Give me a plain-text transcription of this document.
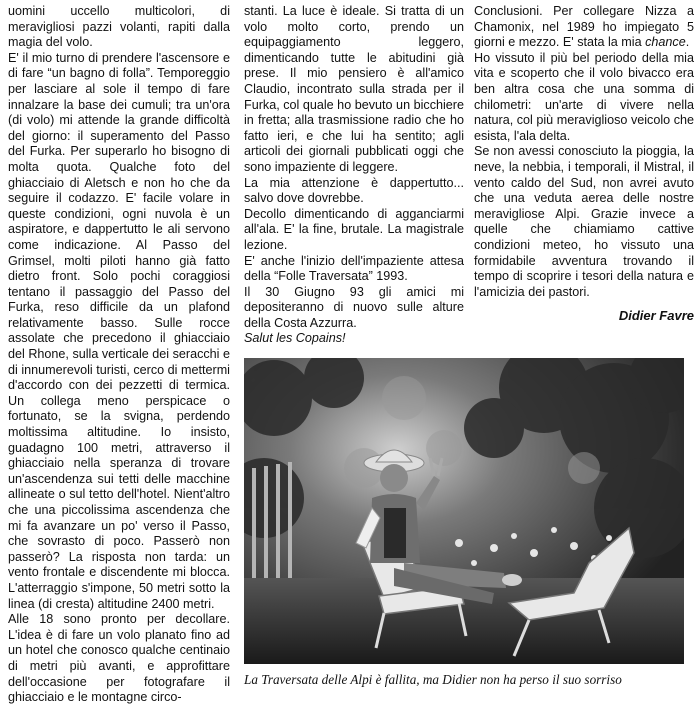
uomini uccello multicolori, di meravigliosi pazzi volanti, rapiti dalla magia del volo.

E' il mio turno di prendere l'ascensore e di fare “un bagno di folla”. Temporeggio per lasciare al sole il tempo di fare innalzare la base dei cumuli; tra un'ora (di volo) mi attende la grande difficoltà del giorno: il superamento del Passo del Furka. Per superarlo ho bisogno di molta quota. Qualche foto del ghiacciaio di Aletsch e non ho che da seguire il codazzo. E' facile volare in queste condizioni, ogni nuvola è un aspiratore, e dappertutto le ali servono come indicazione. Al Passo del Grimsel, molti piloti hanno già fatto dietro front. Solo pochi coraggiosi tentano il passaggio del Passo del Furka, reso difficile da un plafond relativamente basso. Sulle rocce assolate che precedono il ghiacciaio del Rhone, sulla verticale dei seracchi e di innumerevoli turisti, cerco di mettermi d'accordo con dei pezzetti di termica. Un collega meno perspicace o fortunato, se la svigna, perdendo moltissima altitudine. Io insisto, guadagno 100 metri, attraverso il ghiacciaio nella speranza di trovare un'ascendenza sui tetti delle macchine allineate o sul tetto dell'hotel. Nient'altro che una piccolissima ascendenza che mi fa avanzare un po' verso il Passo, che sovrasto di poco. Passerò non passerò? La risposta non tarda: un vento frontale e discendente mi blocca. L'atterraggio s'impone, 50 metri sotto la linea (di cresta) altitudine 2400 metri.

Alle 18 sono pronto per decollare. L'idea è di fare un volo planato fino ad un hotel che conosco qualche centinaio di metri più avanti, e approfittare dell'occasione per fotografare il ghiacciaio e le montagne circo-

stanti. La luce è ideale. Si tratta di un volo molto corto, prendo un equipaggiamento leggero, dimenticando tutte le abitudini già prese. Il mio pensiero è all'amico Claudio, incontrato sulla strada per il Furka, col quale ho bevuto un bicchiere in fretta; alla trasmissione radio che ho fatto ieri, e che lui ha sentito; agli articoli dei giornali pubblicati oggi che sono impaziente di leggere.

La mia attenzione è dappertutto... salvo dove dovrebbe.

Decollo dimenticando di agganciarmi all'ala. E' la fine, brutale. La magistrale lezione.

E' anche l'inizio dell'impaziente attesa della “Folle Traversata” 1993.

Il 30 Giugno 93 gli amici mi depositeranno di nuovo sulle alture della Costa Azzurra.

Salut les Copains!

Conclusioni. Per collegare Nizza a Chamonix, nel 1989 ho impiegato 5 giorni e mezzo. E' stata la mia chance.

Ho vissuto il più bel periodo della mia vita e scoperto che il volo bivacco era ben altra cosa che una somma di chilometri: un'arte di vivere nella natura, col più meraviglioso veicolo che esista, l'ala delta.

Se non avessi conosciuto la pioggia, la neve, la nebbia, i temporali, il Mistral, il vento caldo del Sud, non avrei avuto che una veduta aerea delle nostre meravigliose Alpi. Grazie invece a quelle che chiamiamo cattive condizioni meteo, ho vissuto una formidabile avventura trovando il tempo di scoprire i tesori della natura e l'amicizia dei pastori.

Didier Favre

La Traversata delle Alpi è fallita, ma Didier non ha perso il suo sorriso
